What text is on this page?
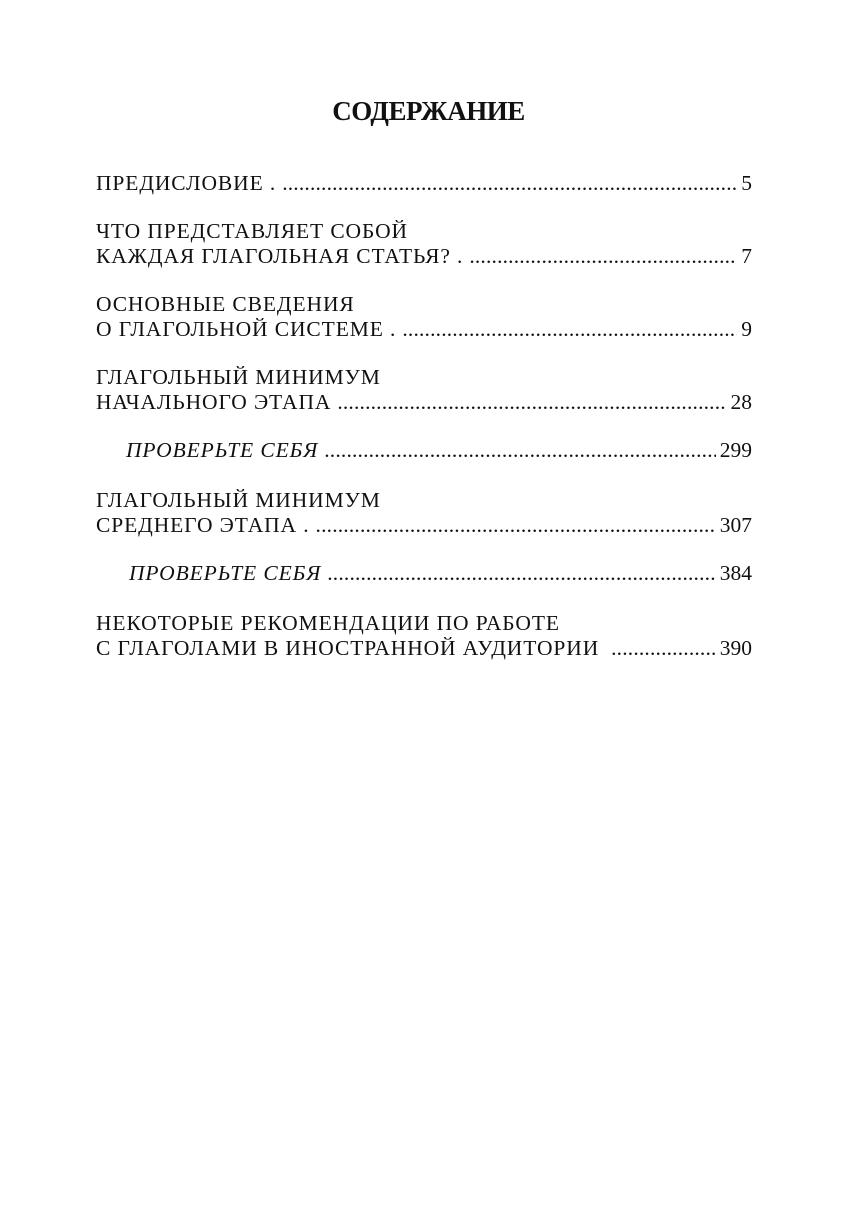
СОДЕРЖАНИЕ
ПРЕДИСЛОВИЕ . . . .	5
ЧТО ПРЕДСТАВЛЯЕТ СОБОЙ
КАЖДАЯ ГЛАГОЛЬНАЯ СТАТЬЯ? . . . .	7
ОСНОВНЫЕ СВЕДЕНИЯ
О ГЛАГОЛЬНОЙ СИСТЕМЕ . . . .	9
ГЛАГОЛЬНЫЙ МИНИМУМ
НАЧАЛЬНОГО ЭТАПА . . .	28
ПРОВЕРЬТЕ СЕБЯ . . .	299
ГЛАГОЛЬНЫЙ МИНИМУМ
СРЕДНЕГО ЭТАПА . . . .	307
ПРОВЕРЬТЕ СЕБЯ . . .	384
НЕКОТОРЫЕ РЕКОМЕНДАЦИИ ПО РАБОТЕ
С ГЛАГОЛАМИ В ИНОСТРАННОЙ АУДИТОРИИ . . .	390
